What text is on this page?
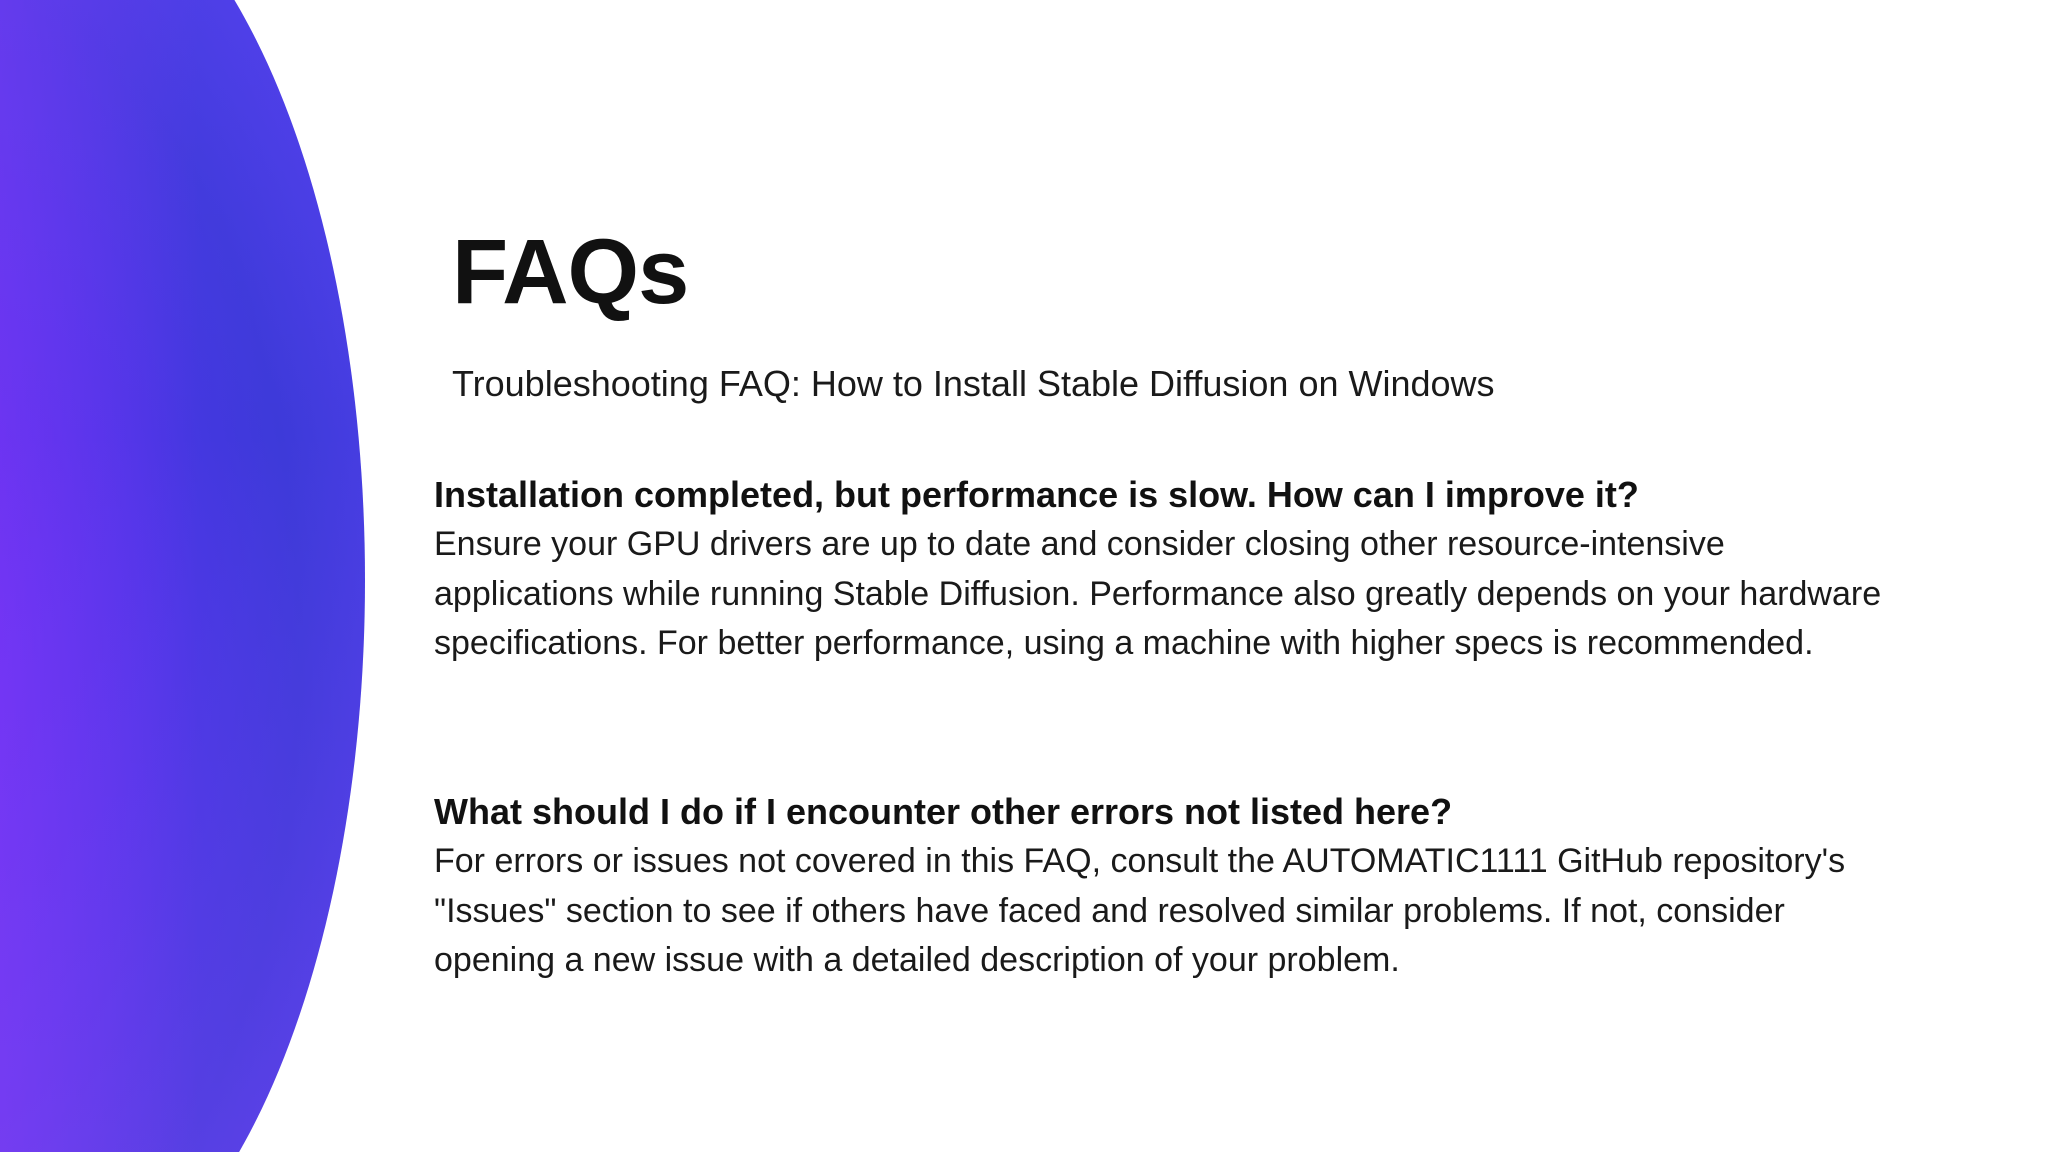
FAQs

Troubleshooting FAQ: How to Install Stable Diffusion on Windows

Installation completed, but performance is slow. How can I improve it?

Ensure your GPU drivers are up to date and consider closing other resource-intensive applications while running Stable Diffusion. Performance also greatly depends on your hardware specifications. For better performance, using a machine with higher specs is recommended.

What should I do if I encounter other errors not listed here?

For errors or issues not covered in this FAQ, consult the AUTOMATIC1111 GitHub repository's "Issues" section to see if others have faced and resolved similar problems. If not, consider opening a new issue with a detailed description of your problem.
